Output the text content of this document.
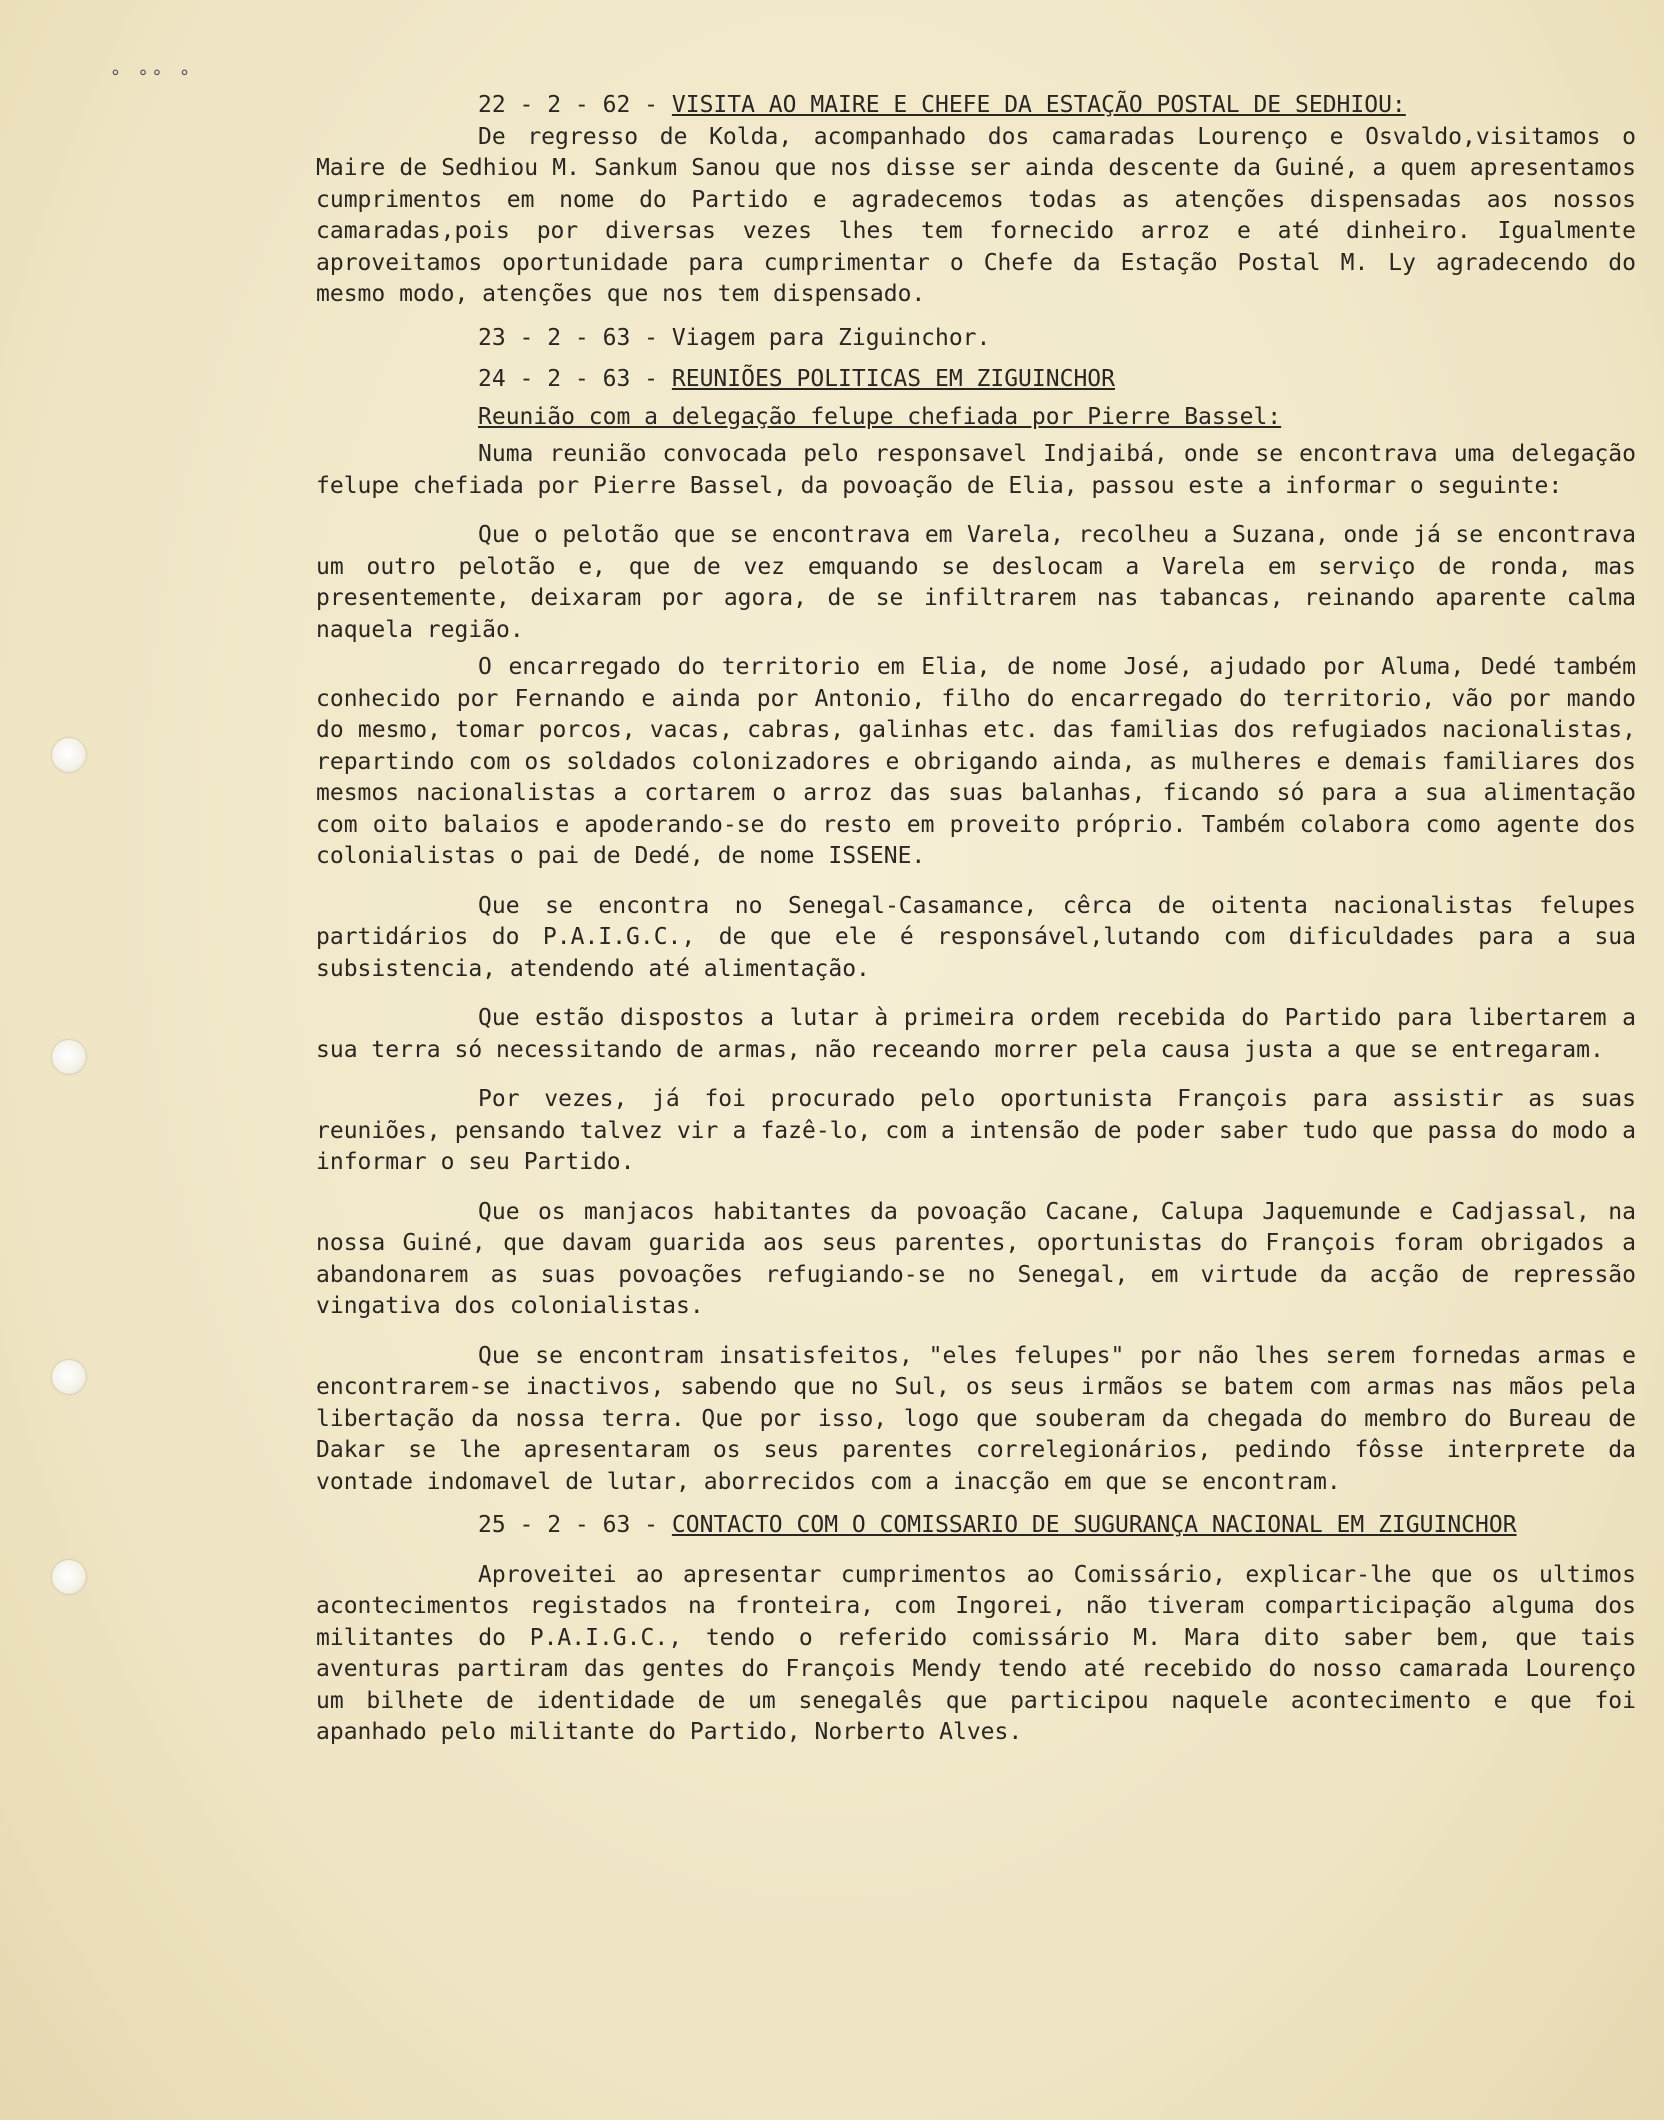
∘ ∘∘ ∘
22 - 2 - 62 - VISITA AO MAIRE E CHEFE DA ESTAÇÃO POSTAL DE SEDHIOU:

De regresso de Kolda, acompanhado dos camaradas Lourenço e Osvaldo,visitamos o Maire de Sedhiou M. Sankum Sanou que nos disse ser ainda descente da Guiné, a quem apresentamos cumprimentos em nome do Partido e agradecemos todas as atenções dispensadas aos nossos camaradas,pois por diversas vezes lhes tem fornecido arroz e até dinheiro. Igualmente aproveitamos oportunidade para cumprimentar o Chefe da Estação Postal M. Ly agradecendo do mesmo modo, atenções que nos tem dispensado.

23 - 2 - 63 - Viagem para Ziguinchor.
24 - 2 - 63 - REUNIÕES POLITICAS EM ZIGUINCHOR
Reunião com a delegação felupe chefiada por Pierre Bassel:

Numa reunião convocada pelo responsavel Indjaibá, onde se encontrava uma delegação felupe chefiada por Pierre Bassel, da povoação de Elia, passou este a informar o seguinte:

Que o pelotão que se encontrava em Varela, recolheu a Suzana, onde já se encontrava um outro pelotão e, que de vez emquando se deslocam a Varela em serviço de ronda, mas presentemente, deixaram por agora, de se infiltrarem nas tabancas, reinando aparente calma naquela região.

O encarregado do territorio em Elia, de nome José, ajudado por Aluma, Dedé também conhecido por Fernando e ainda por Antonio, filho do encarregado do territorio, vão por mando do mesmo, tomar porcos, vacas, cabras, galinhas etc. das familias dos refugiados nacionalistas, repartindo com os soldados colonizadores e obrigando ainda, as mulheres e demais familiares dos mesmos nacionalistas a cortarem o arroz das suas balanhas, ficando só para a sua alimentação com oito balaios e apoderando-se do resto em proveito próprio. Também colabora como agente dos colonialistas o pai de Dedé, de nome ISSENE.

Que se encontra no Senegal-Casamance, cêrca de oitenta nacionalistas felupes partidários do P.A.I.G.C., de que ele é responsável,lutando com dificuldades para a sua subsistencia, atendendo até alimentação.

Que estão dispostos a lutar à primeira ordem recebida do Partido para libertarem a sua terra só necessitando de armas, não receando morrer pela causa justa a que se entregaram.

Por vezes, já foi procurado pelo oportunista François para assistir as suas reuniões, pensando talvez vir a fazê-lo, com a intensão de poder saber tudo que passa do modo a informar o seu Partido.

Que os manjacos habitantes da povoação Cacane, Calupa Jaquemunde e Cadjassal, na nossa Guiné, que davam guarida aos seus parentes, oportunistas do François foram obrigados a abandonarem as suas povoações refugiando-se no Senegal, em virtude da acção de repressão vingativa dos colonialistas.

Que se encontram insatisfeitos, "eles felupes" por não lhes serem fornedas armas e encontrarem-se inactivos, sabendo que no Sul, os seus irmãos se batem com armas nas mãos pela libertação da nossa terra. Que por isso, logo que souberam da chegada do membro do Bureau de Dakar se lhe apresentaram os seus parentes correlegionários, pedindo fôsse interprete da vontade indomavel de lutar, aborrecidos com a inacção em que se encontram.

25 - 2 - 63 - CONTACTO COM O COMISSARIO DE SUGURANÇA NACIONAL EM ZIGUINCHOR

Aproveitei ao apresentar cumprimentos ao Comissário, explicar-lhe que os ultimos acontecimentos registados na fronteira, com Ingorei, não tiveram comparticipação alguma dos militantes do P.A.I.G.C., tendo o referido comissário M. Mara dito saber bem, que tais aventuras partiram das gentes do François Mendy tendo até recebido do nosso camarada Lourenço um bilhete de identidade de um senegalês que participou naquele acontecimento e que foi apanhado pelo militante do Partido, Norberto Alves.
